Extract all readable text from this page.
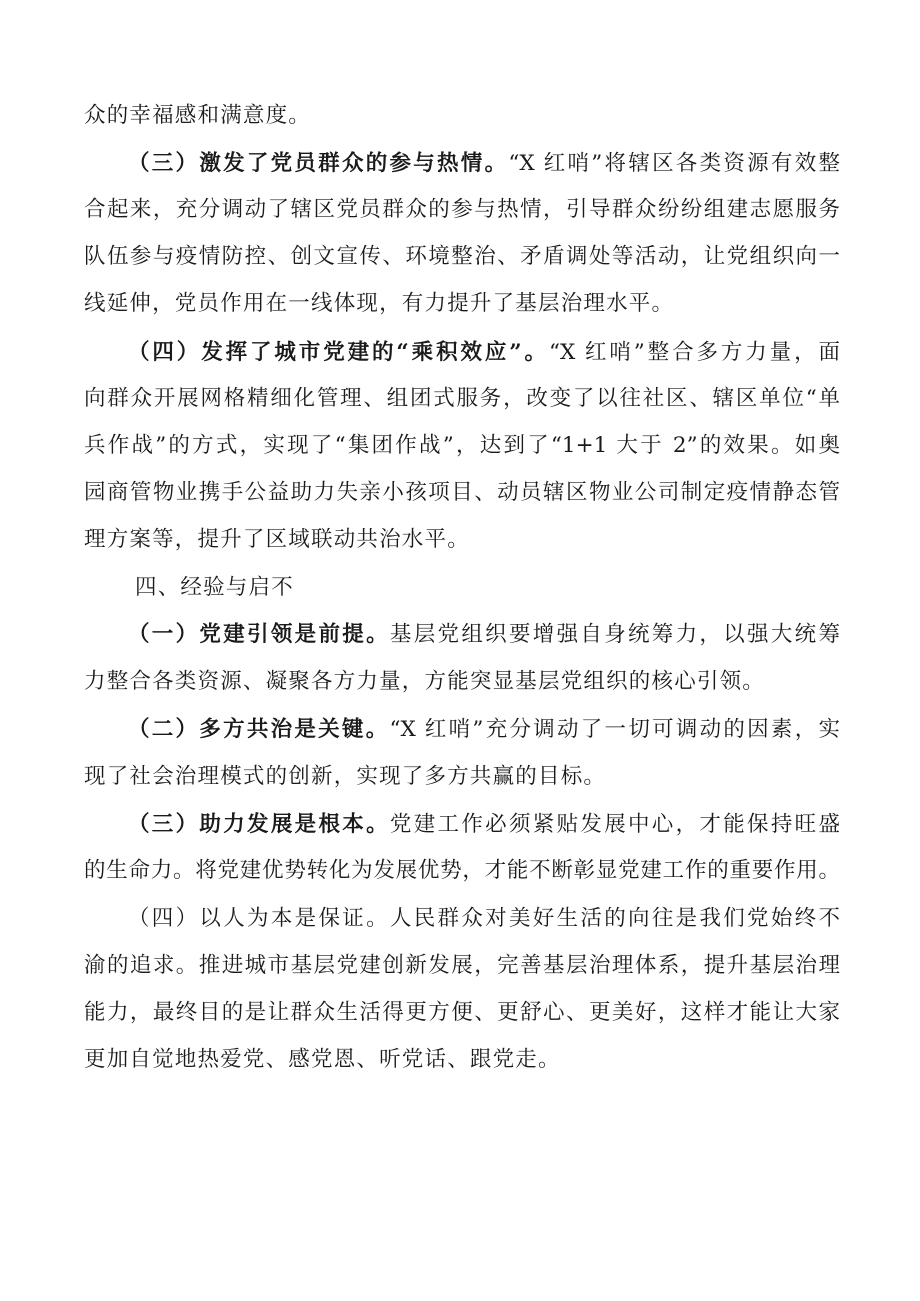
众的幸福感和满意度。
（三）激发了党员群众的参与热情。“X 红哨”将辖区各类资源有效整
合起来，充分调动了辖区党员群众的参与热情，引导群众纷纷组建志愿服务
队伍参与疫情防控、创文宣传、环境整治、矛盾调处等活动，让党组织向一
线延伸，党员作用在一线体现，有力提升了基层治理水平。
（四）发挥了城市党建的“乘积效应”。“X 红哨”整合多方力量，面
向群众开展网格精细化管理、组团式服务，改变了以往社区、辖区单位“单
兵作战”的方式，实现了“集团作战”，达到了“1+1 大于 2”的效果。如奥
园商管物业携手公益助力失亲小孩项目、动员辖区物业公司制定疫情静态管
理方案等，提升了区域联动共治水平。
四、经验与启不
（一）党建引领是前提。基层党组织要增强自身统筹力，以强大统筹
力整合各类资源、凝聚各方力量，方能突显基层党组织的核心引领。
（二）多方共治是关键。“X 红哨”充分调动了一切可调动的因素，实
现了社会治理模式的创新，实现了多方共赢的目标。
（三）助力发展是根本。党建工作必须紧贴发展中心，才能保持旺盛
的生命力。将党建优势转化为发展优势，才能不断彰显党建工作的重要作用。
（四）以人为本是保证。人民群众对美好生活的向往是我们党始终不
渝的追求。推进城市基层党建创新发展，完善基层治理体系，提升基层治理
能力，最终目的是让群众生活得更方便、更舒心、更美好，这样才能让大家
更加自觉地热爱党、感党恩、听党话、跟党走。
